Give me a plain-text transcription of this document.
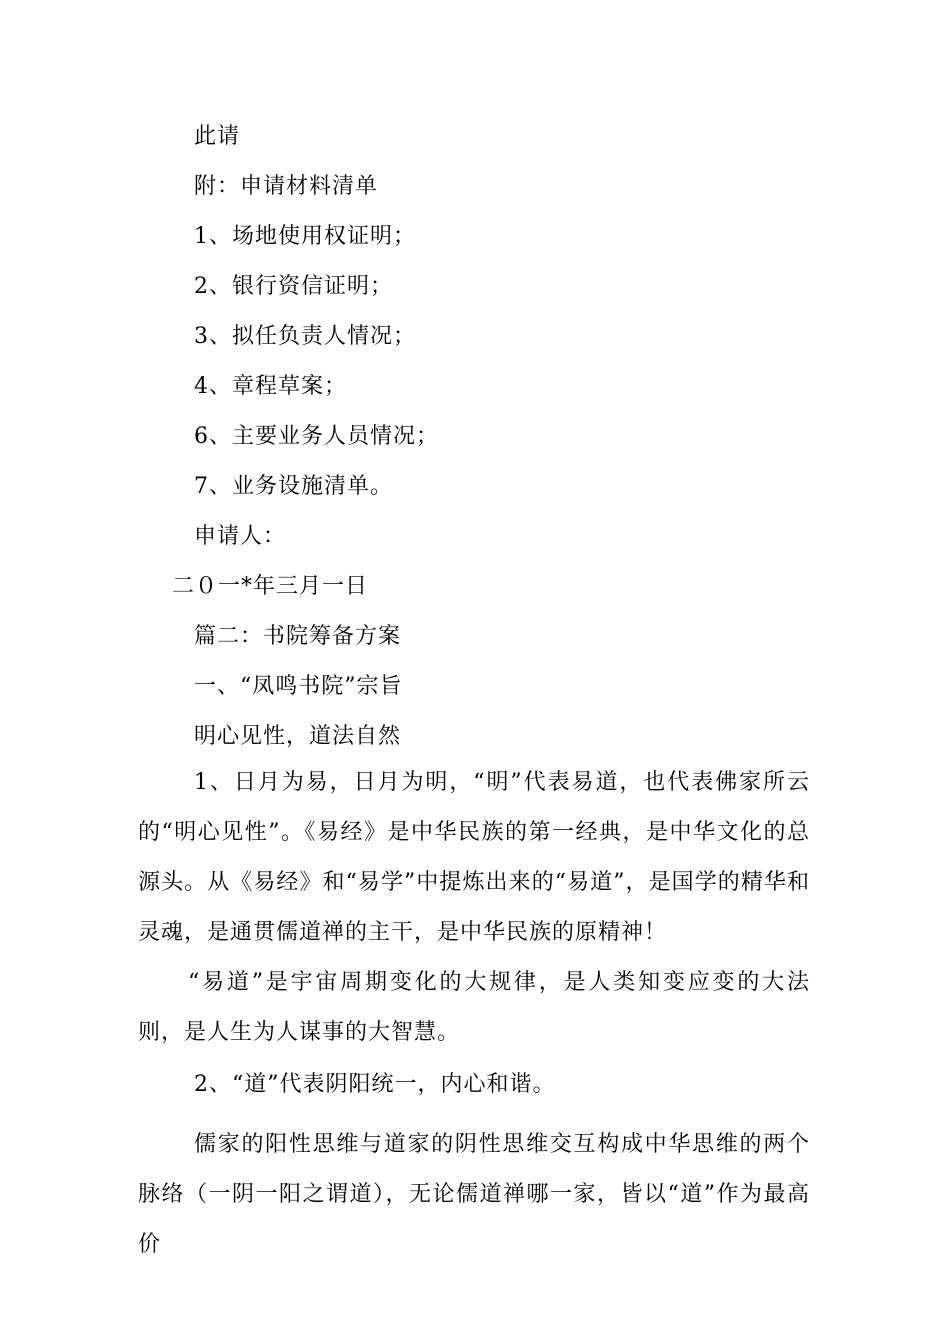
此请
附：申请材料清单
1、场地使用权证明；
2、银行资信证明；
3、拟任负责人情况；
4、章程草案；
6、主要业务人员情况；
7、业务设施清单。
申请人：
二０一*年三月一日
篇二：书院筹备方案
一、“凤鸣书院”宗旨
明心见性，道法自然
1、日月为易，日月为明，“明”代表易道，也代表佛家所云的“明心见性”。《易经》是中华民族的第一经典，是中华文化的总源头。从《易经》和“易学”中提炼出来的“易道”，是国学的精华和灵魂，是通贯儒道禅的主干，是中华民族的原精神！
“易道”是宇宙周期变化的大规律，是人类知变应变的大法则，是人生为人谋事的大智慧。
2、“道”代表阴阳统一，内心和谐。
儒家的阳性思维与道家的阴性思维交互构成中华思维的两个脉络（一阴一阳之谓道），无论儒道禅哪一家，皆以“道”作为最高价
